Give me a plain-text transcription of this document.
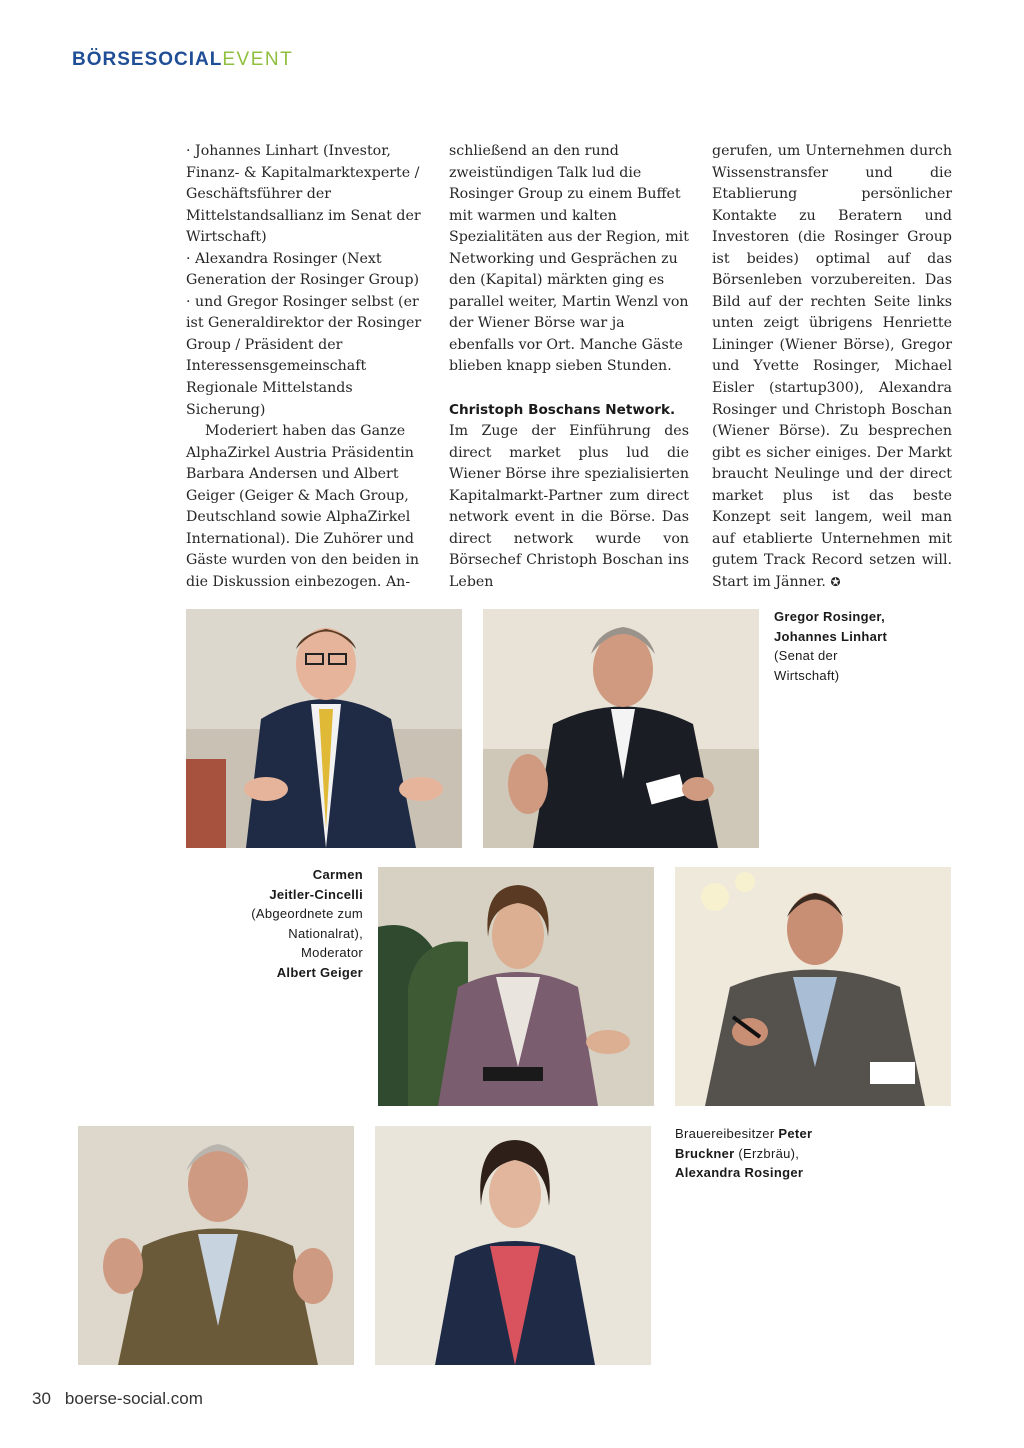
BÖRSESOCIALEVENT

· Johannes Linhart (Investor, Finanz- & Kapitalmarktexperte / Geschäftsführer der Mittelstandsallianz im Senat der Wirtschaft)

· Alexandra Rosinger (Next Generation der Rosinger Group)

· und Gregor Rosinger selbst (er ist Generaldirektor der Rosinger Group / Präsident der Interessensgemeinschaft Regionale Mittelstands Sicherung)

Moderiert haben das Ganze AlphaZirkel Austria Präsidentin Barbara Andersen und Albert Geiger (Geiger & Mach Group, Deutschland sowie AlphaZirkel International). Die Zuhörer und Gäste wurden von den beiden in die Diskussion einbezogen. An-

schließend an den rund zweistündigen Talk lud die Rosinger Group zu einem Buffet mit warmen und kalten Spezialitäten aus der Region, mit Networking und Gesprächen zu den (Kapital) märkten ging es parallel weiter, Martin Wenzl von der Wiener Börse war ja ebenfalls vor Ort. Manche Gäste blieben knapp sieben Stunden.

Christoph Boschans Network.

Im Zuge der Einführung des direct market plus lud die Wiener Börse ihre spezialisierten Kapitalmarkt-Partner zum direct network event in die Börse. Das direct network wurde von Börsechef Christoph Boschan ins Leben

gerufen, um Unternehmen durch Wissenstransfer und die Etablierung persönlicher Kontakte zu Beratern und Investoren (die Rosinger Group ist beides) optimal auf das Börsenleben vorzubereiten. Das Bild auf der rechten Seite links unten zeigt übrigens Henriette Lininger (Wiener Börse), Gregor und Yvette Rosinger, Michael Eisler (startup300), Alexandra Rosinger und Christoph Boschan (Wiener Börse). Zu besprechen gibt es sicher einiges. Der Markt braucht Neulinge und der direct market plus ist das beste Konzept seit langem, weil man auf etablierte Unternehmen mit gutem Track Record setzen will. Start im Jänner. ✪

Gregor Rosinger,
Johannes Linhart
(Senat der
Wirtschaft)
Carmen
Jeitler-Cincelli
(Abgeordnete zum
Nationalrat),
Moderator
Albert Geiger
Brauereibesitzer Peter
Bruckner (Erzbräu),
Alexandra Rosinger
30 boerse-social.com
